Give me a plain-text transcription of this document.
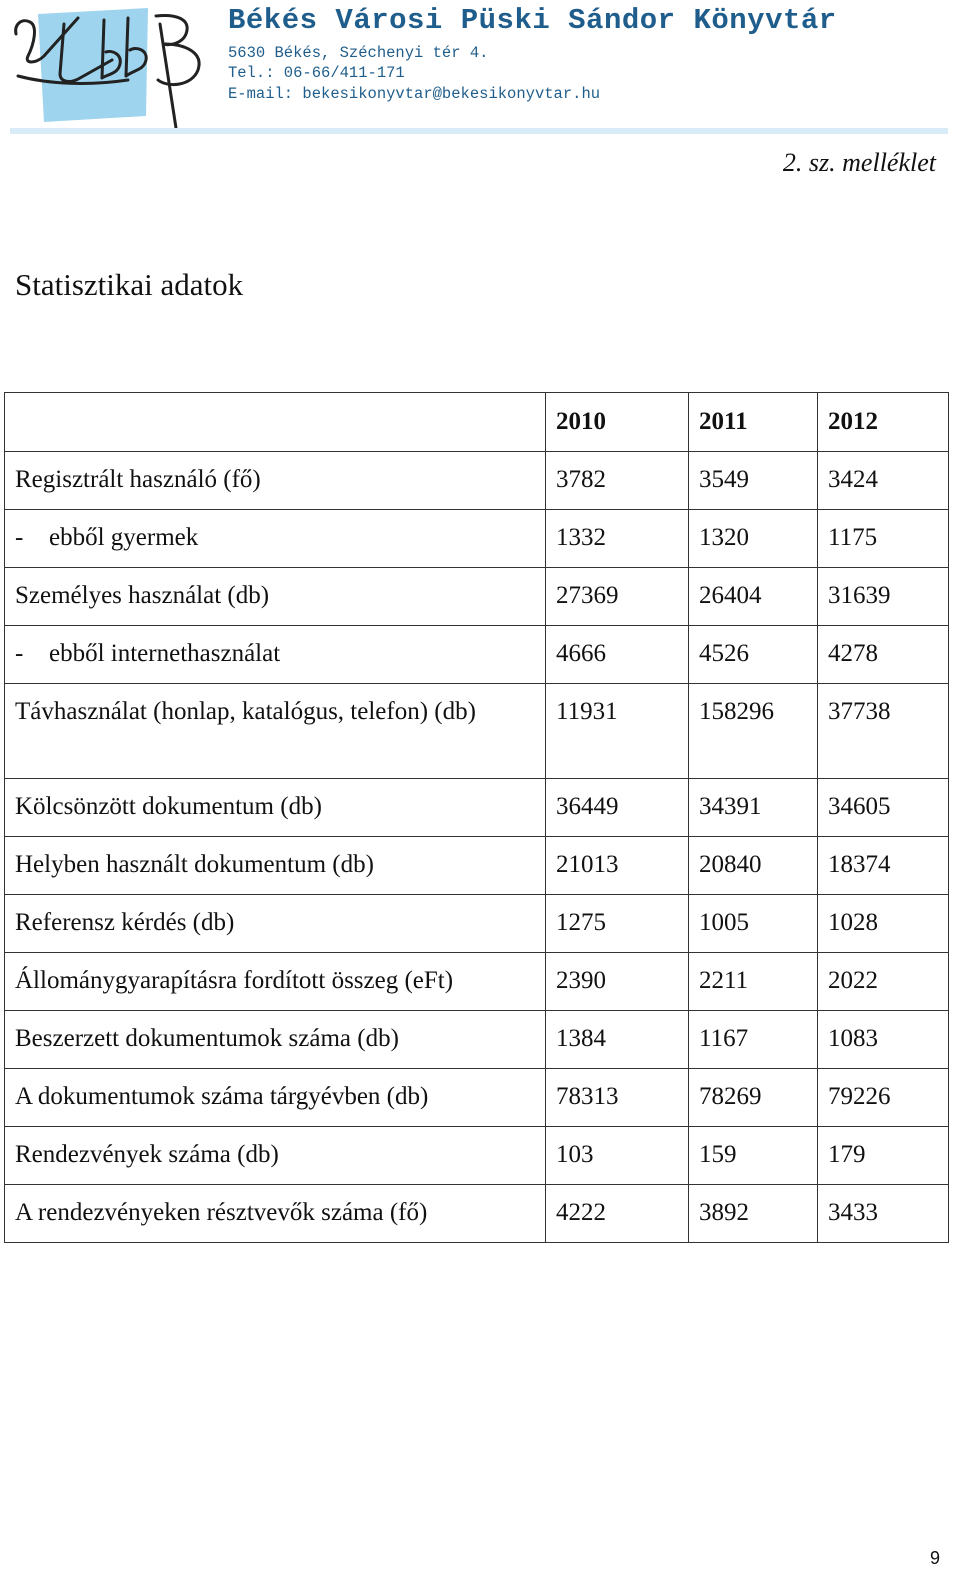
Békés Városi Püski Sándor Könyvtár
5630 Békés, Széchenyi tér 4.
Tel.: 06-66/411-171
E-mail: bekesikonyvtar@bekesikonyvtar.hu
2. sz. melléklet
Statisztikai adatok
	2010	2011	2012
Regisztrált használó (fő)	3782	3549	3424
- ebből gyermek	1332	1320	1175
Személyes használat (db)	27369	26404	31639
- ebből internethasználat	4666	4526	4278
Távhasználat (honlap, katalógus, telefon) (db)	11931	158296	37738
Kölcsönzött dokumentum (db)	36449	34391	34605
Helyben használt dokumentum (db)	21013	20840	18374
Referensz kérdés (db)	1275	1005	1028
Állománygyarapításra fordított összeg (eFt)	2390	2211	2022
Beszerzett dokumentumok száma (db)	1384	1167	1083
A dokumentumok száma tárgyévben (db)	78313	78269	79226
Rendezvények száma (db)	103	159	179
A rendezvényeken résztvevők száma (fő)	4222	3892	3433
9
